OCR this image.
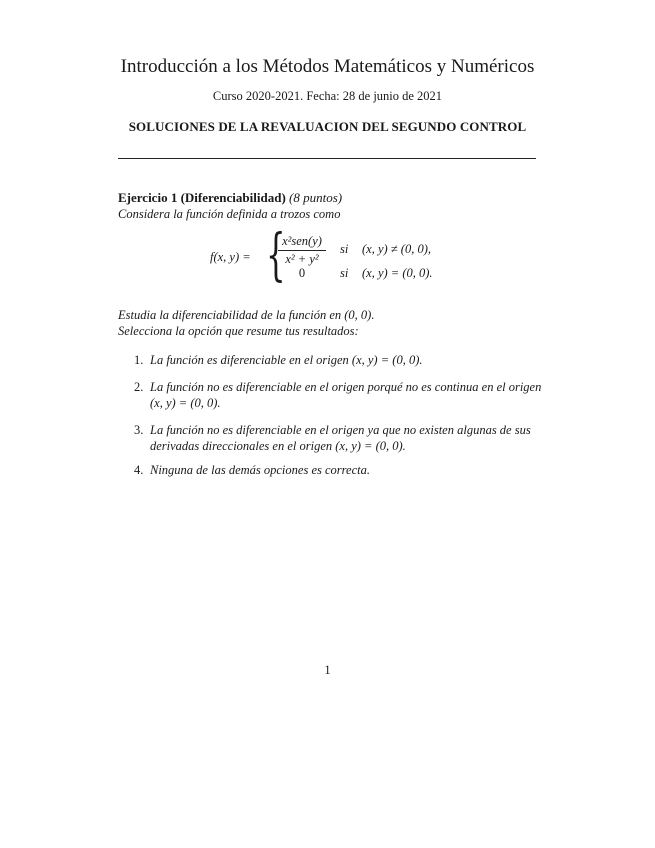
Introducción a los Métodos Matemáticos y Numéricos
Curso 2020-2021. Fecha: 28 de junio de 2021
SOLUCIONES DE LA REVALUACION DEL SEGUNDO CONTROL
Ejercicio 1 (Diferenciabilidad) (8 puntos)
Considera la función definida a trozos como
f(x, y) = {
x²sen(y)
x² + y²
0
si
si
(x, y) ≠ (0, 0),
(x, y) = (0, 0).
Estudia la diferenciabilidad de la función en (0, 0).
Selecciona la opción que resume tus resultados:
1. La función es diferenciable en el origen (x, y) = (0, 0).
2. La función no es diferenciable en el origen porqué no es continua en el origen (x, y) = (0, 0).
3. La función no es diferenciable en el origen ya que no existen algunas de sus derivadas direccionales en el origen (x, y) = (0, 0).
4. Ninguna de las demás opciones es correcta.
1
